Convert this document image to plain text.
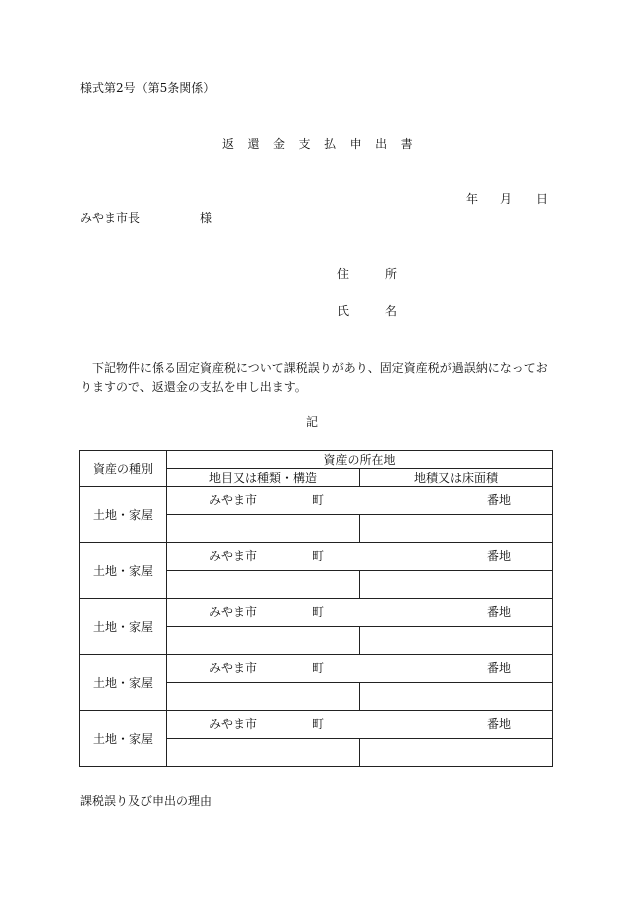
様式第2号（第5条関係）
返 還 金 支 払 申 出 書
年 月 日
みやま市長　　　　　様
住　　　所
氏　　　名
下記物件に係る固定資産税について課税誤りがあり、固定資産税が過誤納になっておりますので、返還金の支払を申し出ます。
記
資産の種別	資産の所在地	
	地目又は種類・構造	地積又は床面積
土地・家屋	みやま市 町 番地	

土地・家屋	みやま市 町 番地	

土地・家屋	みやま市 町 番地	

土地・家屋	みやま市 町 番地	

土地・家屋	みやま市 町 番地	

課税誤り及び申出の理由
